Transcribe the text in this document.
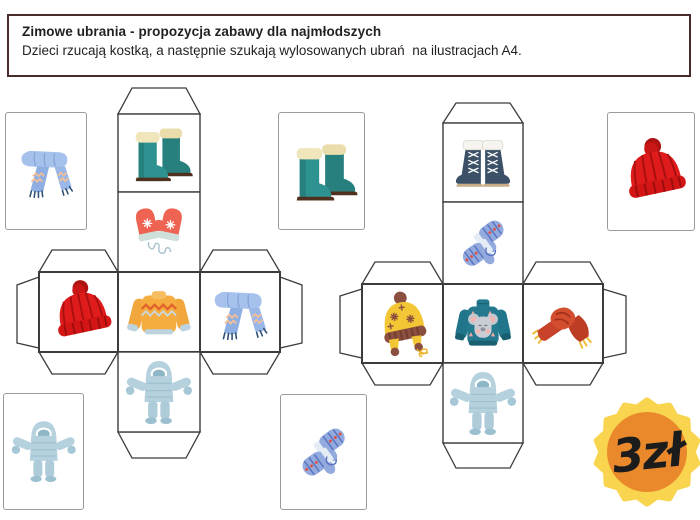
Zimowe ubrania - propozycja zabawy dla najmłodszych
Dzieci rzucają kostką, a następnie szukają wylosowanych ubrań  na ilustracjach A4.
3zł
